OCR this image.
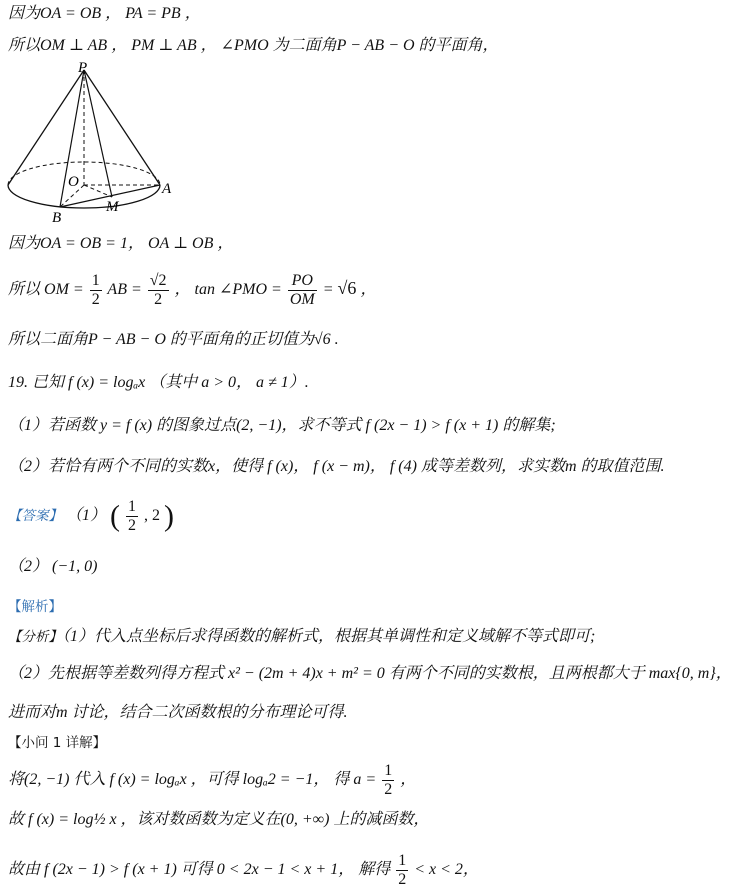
因为OA = OB ， PA = PB ，
所以OM ⊥ AB ， PM ⊥ AB ， ∠PMO 为二面角P − AB − O 的平面角，
P
O	A
B
M
因为OA = OB = 1， OA ⊥ OB ，
所以 OM = $\frac{1}{2}$ AB = $\frac{√2}{2}$ ， tan ∠PMO = $\frac{PO}{OM} = √6$ ，
所以二面角P − AB − O 的平面角的正切值为√6 .
19. 已知 f (x) = logₐx （其中 a > 0， a ≠ 1）.
（1）若函数 y = f (x) 的图象过点(2, −1)，求不等式 f (2x − 1) > f (x + 1) 的解集;
（2）若恰有两个不同的实数x，使得 f (x)， f (x − m)， f (4) 成等差数列，求实数m 的取值范围.
【答案】 （1） ( $\frac{1}{2}$ , 2 )
（2） (−1, 0)
【解析】
【分析】（1）代入点坐标后求得函数的解析式，根据其单调性和定义域解不等式即可;
（2）先根据等差数列得方程式 x² − (2m + 4)x + m² = 0 有两个不同的实数根，且两根都大于 max{0, m}，
进而对m 讨论，结合二次函数根的分布理论可得.
【小问 1 详解】
将(2, −1) 代入 f (x) = logₐx ，可得 logₐ2 = −1， 得 $a = \frac{1}{2}$ ，
故 f (x) = log½ x ，该对数函数为定义在(0, +∞) 上的减函数，
故由 f (2x − 1) > f (x + 1) 可得 0 < 2x − 1 < x + 1， 解得 $\frac{1}{2} < x < 2$，
